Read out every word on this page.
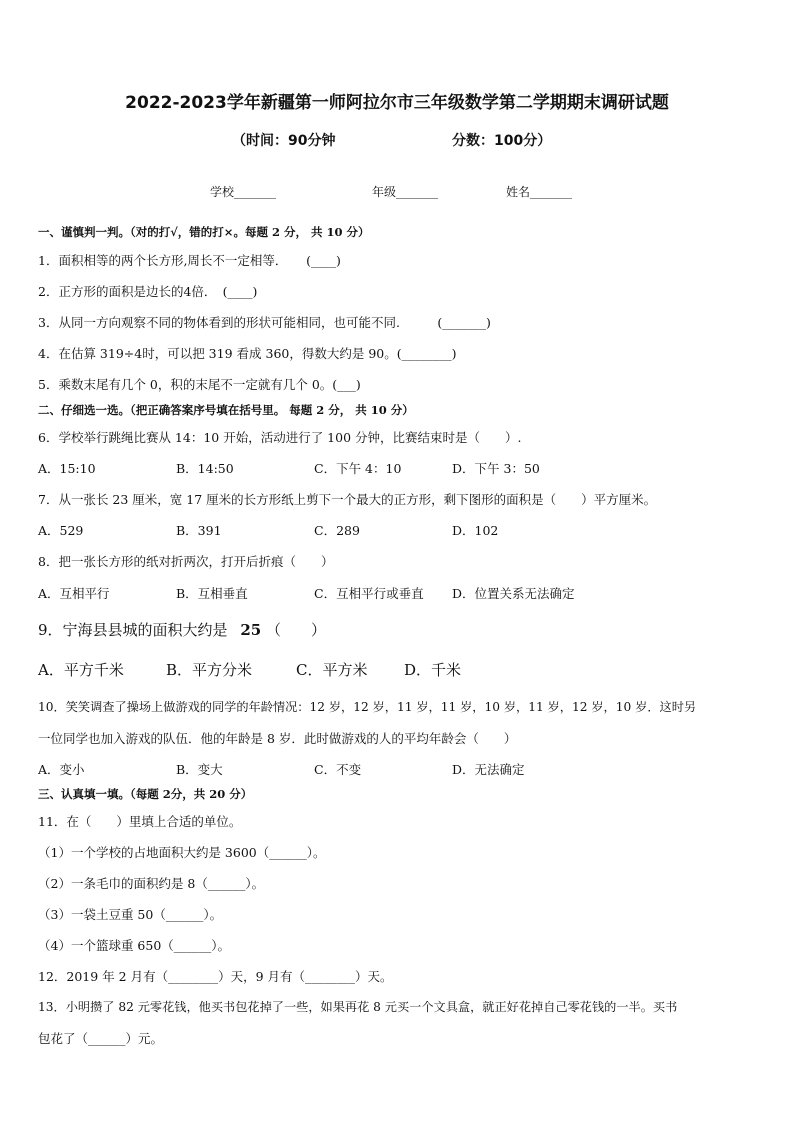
2022-2023学年新疆第一师阿拉尔市三年级数学第二学期期末调研试题
（时间：90分钟	分数：100分）
学校_______	年级_______	姓名_______
一、谨慎判一判。（对的打√，错的打×。每题 2 分， 共 10 分）
1．面积相等的两个长方形,周长不一定相等．　　(____)
2．正方形的面积是边长的4倍．　(____)
3．从同一方向观察不同的物体看到的形状可能相同，也可能不同.　　　(_______)
4．在估算 319÷4时，可以把 319 看成 360，得数大约是 90。(________)
5．乘数末尾有几个 0，积的末尾不一定就有几个 0。(___)
二、仔细选一选。（把正确答案序号填在括号里。 每题 2 分， 共 10 分）
6．学校举行跳绳比赛从 14：10 开始，活动进行了 100 分钟，比赛结束时是（　　）.
A．15:10	B．14:50	C．下午 4：10	D．下午 3：50
7．从一张长 23 厘米，宽 17 厘米的长方形纸上剪下一个最大的正方形，剩下图形的面积是（　　）平方厘米。
A．529	B．391	C．289	D．102
8．把一张长方形的纸对折两次，打开后折痕（　　）
A．互相平行	B．互相垂直	C．互相平行或垂直 D．位置关系无法确定
9．宁海县县城的面积大约是 25 （　　）
A．平方千米	B．平方分米	C．平方米 D．千米
10．笑笑调查了操场上做游戏的同学的年龄情况：12 岁，12 岁，11 岁，11 岁，10 岁，11 岁，12 岁，10 岁．这时另
一位同学也加入游戏的队伍．他的年龄是 8 岁．此时做游戏的人的平均年龄会（　　）
A．变小	B．变大	C．不变	D．无法确定
三、认真填一填。（每题 2分，共 20 分）
11．在（　　）里填上合适的单位。
（1）一个学校的占地面积大约是 3600（______）。
（2）一条毛巾的面积约是 8（______）。
（3）一袋土豆重 50（______）。
（4）一个篮球重 650（______）。
12．2019 年 2 月有（________）天，9 月有（________）天。
13．小明攒了 82 元零花钱，他买书包花掉了一些，如果再花 8 元买一个文具盒，就正好花掉自己零花钱的一半。买书
包花了（______）元。
